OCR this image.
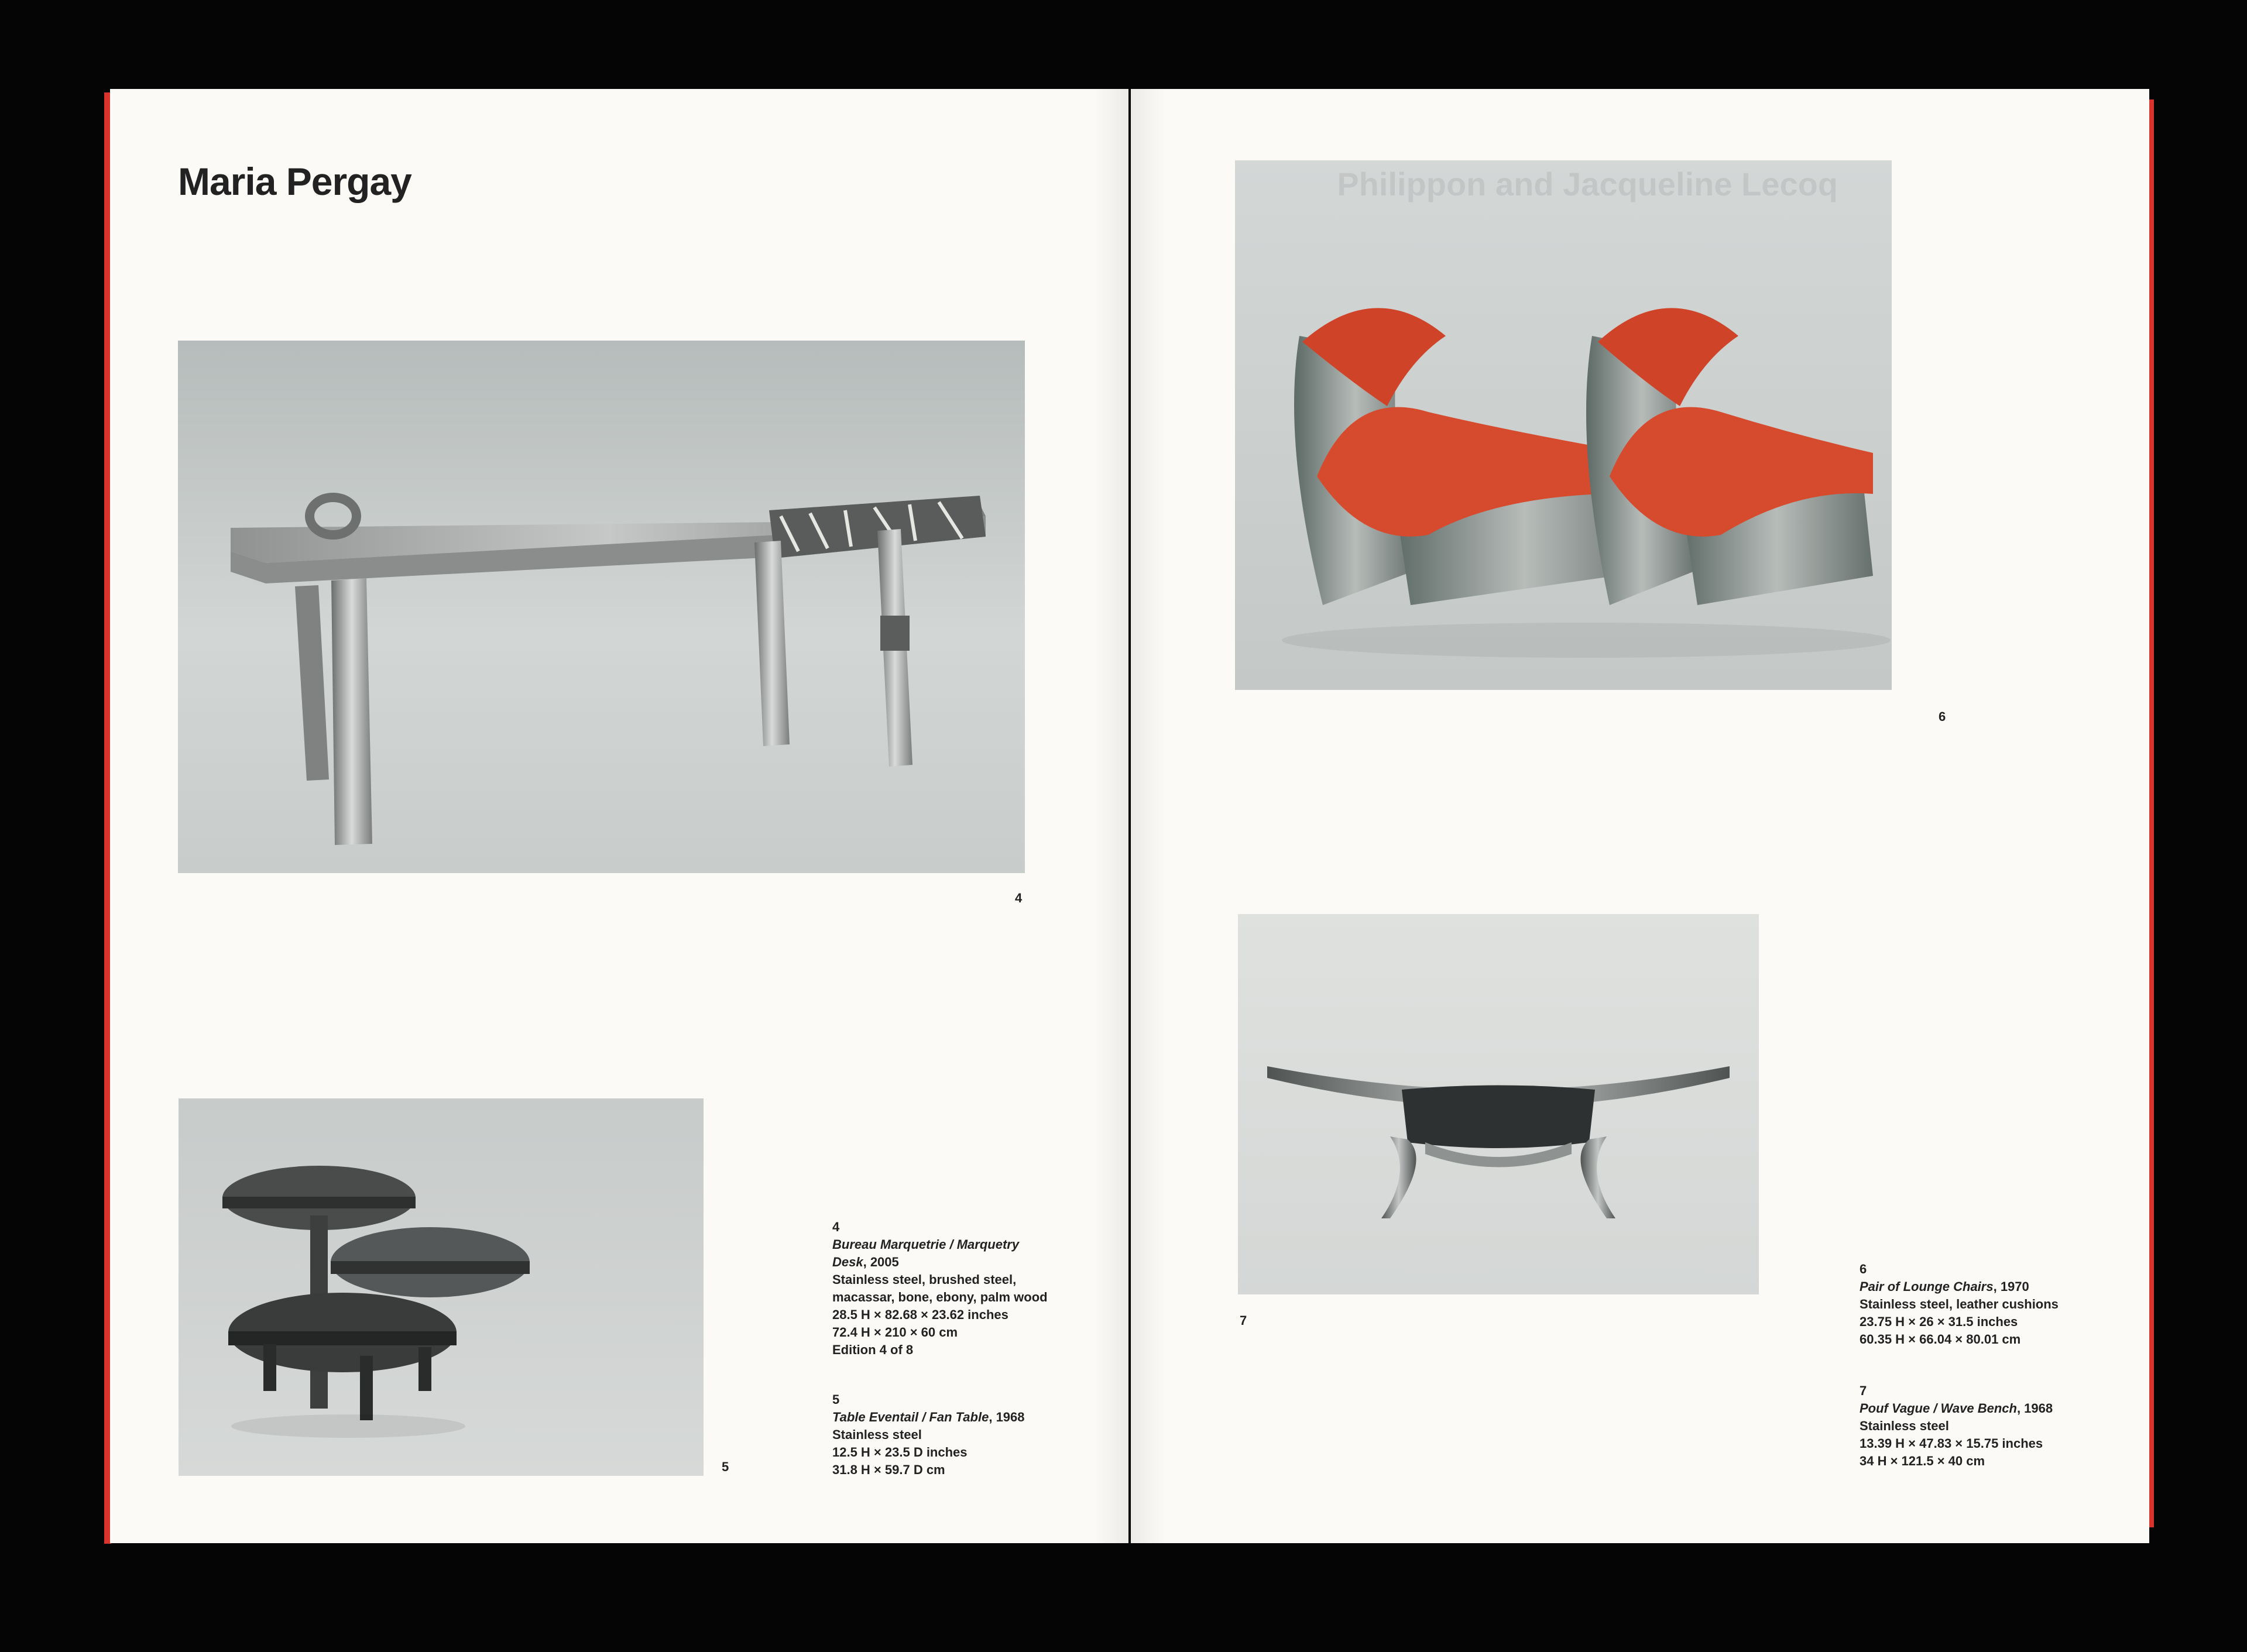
Maria Pergay
4
5
4
Bureau Marquetrie / Marquetry
Desk, 2005
Stainless steel, brushed steel,
macassar, bone, ebony, palm wood
28.5 H × 82.68 × 23.62 inches
72.4 H × 210 × 60 cm
Edition 4 of 8
5
Table Eventail / Fan Table, 1968
Stainless steel
12.5 H × 23.5 D inches
31.8 H × 59.7 D cm
Philippon and Jacqueline Lecoq
6
7
6
Pair of Lounge Chairs, 1970
Stainless steel, leather cushions
23.75 H × 26 × 31.5 inches
60.35 H × 66.04 × 80.01 cm
7
Pouf Vague / Wave Bench, 1968
Stainless steel
13.39 H × 47.83 × 15.75 inches
34 H × 121.5 × 40 cm
